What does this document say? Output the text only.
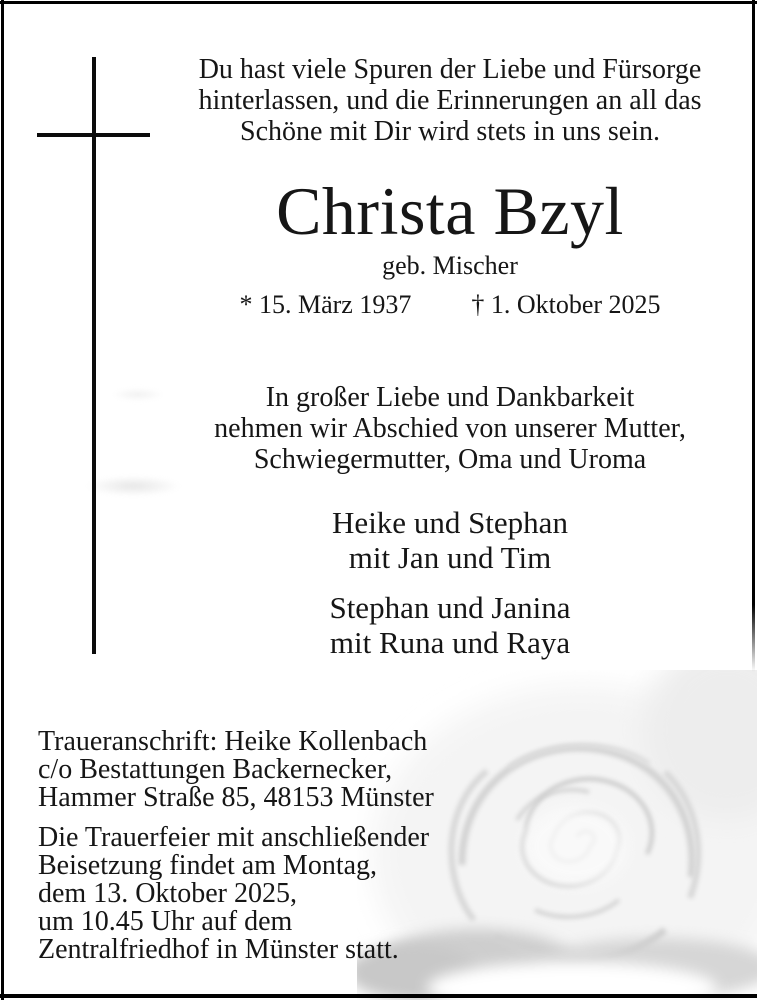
Du hast viele Spuren der Liebe und Fürsorge
hinterlassen, und die Erinnerungen an all das
Schöne mit Dir wird stets in uns sein.
Christa Bzyl
geb. Mischer
* 15. März 1937 † 1. Oktober 2025
In großer Liebe und Dankbarkeit
nehmen wir Abschied von unserer Mutter,
Schwiegermutter, Oma und Uroma
Heike und Stephan
mit Jan und Tim
Stephan und Janina
mit Runa und Raya
Traueranschrift: Heike Kollenbach
c/o Bestattungen Backernecker,
Hammer Straße 85, 48153 Münster
Die Trauerfeier mit anschließender
Beisetzung findet am Montag,
dem 13. Oktober 2025,
um 10.45 Uhr auf dem
Zentralfriedhof in Münster statt.
